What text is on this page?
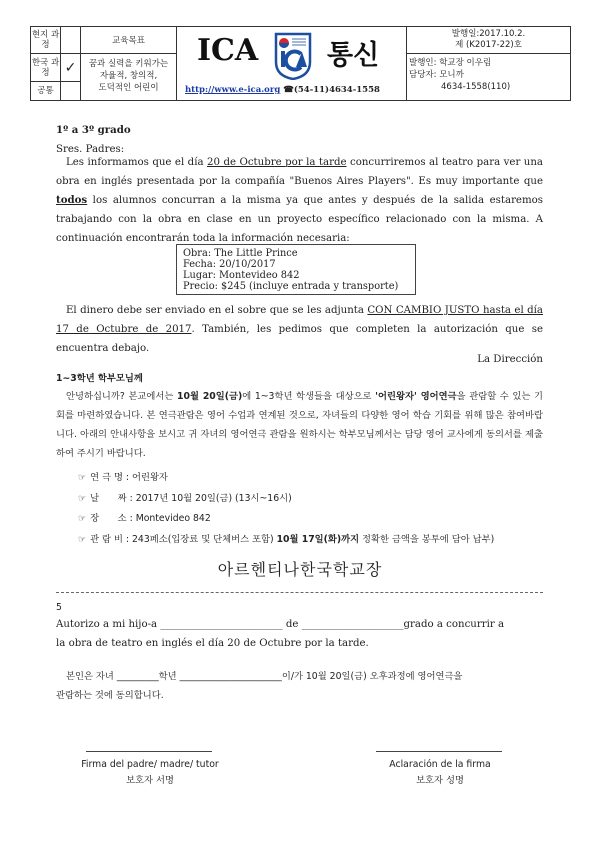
현지 과정
한국 과정
공통
✓
교육목표
꿈과 실력을 키워가는
자율적, 창의적,
도덕적인 어린이
ICA	통신
http://www.e-ica.org ☎(54-11)4634-1558
발행일:2017.10.2.
제 (K2017-22)호
발행인: 학교장 이우림
담당자: 모니까
4634-1558(110)
1º a 3º grado
Sres. Padres:
Les informamos que el día 20 de Octubre por la tarde concurriremos al teatro para ver una obra en inglés presentada por la compañía "Buenos Aires Players". Es muy importante que todos los alumnos concurran a la misma ya que antes y después de la salida estaremos trabajando con la obra en clase en un proyecto específico relacionado con la misma. A continuación encontrarán toda la información necesaria:
Obra: The Little Prince
Fecha: 20/10/2017
Lugar: Montevideo 842
Precio: $245 (incluye entrada y transporte)
El dinero debe ser enviado en el sobre que se les adjunta CON CAMBIO JUSTO hasta el día 17 de Octubre de 2017. También, les pedimos que completen la autorización que se encuentra debajo.
La Dirección
1~3학년 학부모님께
안녕하십니까? 본교에서는 10월 20일(금)에 1~3학년 학생들을 대상으로 '어린왕자' 영어연극을 관람할 수 있는 기회를 마련하였습니다. 본 연극관람은 영어 수업과 연계된 것으로, 자녀들의 다양한 영어 학습 기회를 위해 많은 참여바랍니다. 아래의 안내사항을 보시고 귀 자녀의 영어연극 관람을 원하시는 학부모님께서는 담당 영어 교사에게 동의서를 제출하여 주시기 바랍니다.
☞ 연 극 명 : 어린왕자
☞ 날　　짜 : 2017년 10월 20일(금) (13시~16시)
☞ 장　　소 : Montevideo 842
☞ 관 람 비 : 243페소(입장료 및 단체버스 포함) 10월 17일(화)까지 정확한 금액을 봉투에 담아 납부)
아르헨티나한국학교장
5
Autorizo a mi hijo-a ________________________ de ____________________grado a concurrir a
la obra de teatro en inglés el día 20 de Octubre por la tarde.
본인은 자녀 _________학년 ______________________이/가 10월 20일(금) 오후과정에 영어연극을
관람하는 것에 동의합니다.
Firma del padre/ madre/ tutor
보호자 서명
Aclaración de la firma
보호자 성명
